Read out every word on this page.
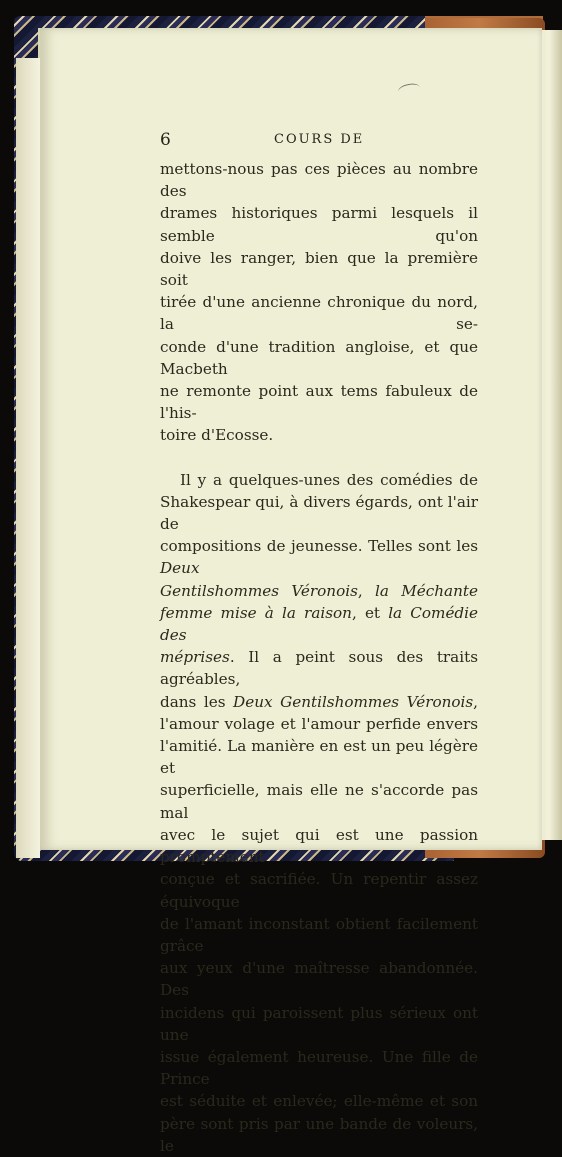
6	COURS DE

mettons-nous pas ces pièces au nombre des

drames historiques parmi lesquels il semble qu'on

doive les ranger, bien que la première soit

tirée d'une ancienne chronique du nord, la se-

conde d'une tradition angloise, et que Macbeth

ne remonte point aux tems fabuleux de l'his-

toire d'Ecosse.

Il y a quelques-unes des comédies de

Shakespear qui, à divers égards, ont l'air de

compositions de jeunesse. Telles sont les Deux

Gentilshommes Véronois, la Méchante

femme mise à la raison, et la Comédie des

méprises. Il a peint sous des traits agréables,

dans les Deux Gentilshommes Véronois,

l'amour volage et l'amour perfide envers

l'amitié. La manière en est un peu légère et

superficielle, mais elle ne s'accorde pas mal

avec le sujet qui est une passion promptement

conçue et sacrifiée. Un repentir assez équivoque

de l'amant inconstant obtient facilement grâce

aux yeux d'une maîtresse abandonnée. Des

incidens qui paroissent plus sérieux ont une

issue également heureuse. Une fille de Prince

est séduite et enlevée; elle-même et son

père sont pris par une bande de voleurs, le
